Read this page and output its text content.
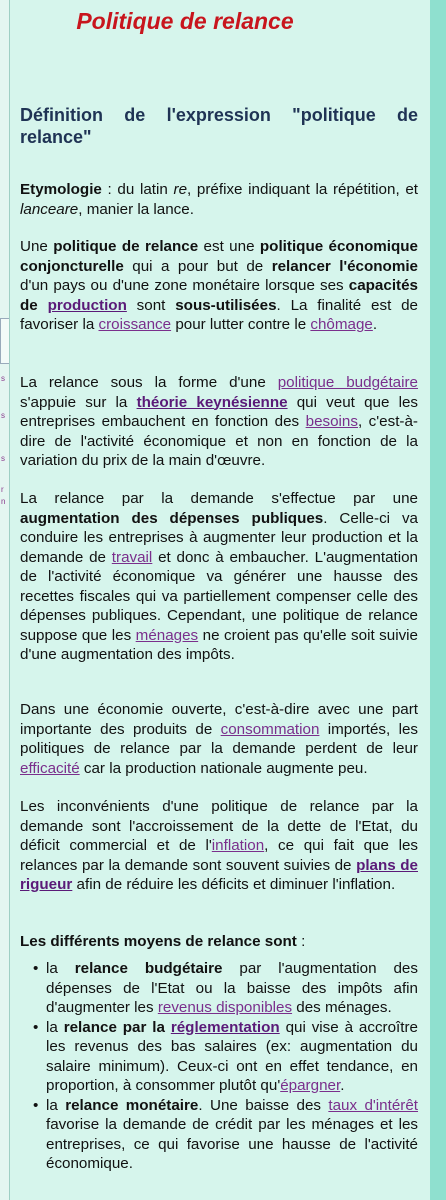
s
s
s
r
n
Politique de relance
Définition de l'expression "politique de relance"

Etymologie : du latin re, préfixe indiquant la répétition, et lanceare, manier la lance.

Une politique de relance est une politique économique conjoncturelle qui a pour but de relancer l'économie d'un pays ou d'une zone monétaire lorsque ses capacités de production sont sous-utilisées. La finalité est de favoriser la croissance pour lutter contre le chômage.

La relance sous la forme d'une politique budgétaire s'appuie sur la théorie keynésienne qui veut que les entreprises embauchent en fonction des besoins, c'est-à-dire de l'activité économique et non en fonction de la variation du prix de la main d'œuvre.

La relance par la demande s'effectue par une augmentation des dépenses publiques. Celle-ci va conduire les entreprises à augmenter leur production et la demande de travail et donc à embaucher. L'augmentation de l'activité économique va générer une hausse des recettes fiscales qui va partiellement compenser celle des dépenses publiques. Cependant, une politique de relance suppose que les ménages ne croient pas qu'elle soit suivie d'une augmentation des impôts.

Dans une économie ouverte, c'est-à-dire avec une part importante des produits de consommation importés, les politiques de relance par la demande perdent de leur efficacité car la production nationale augmente peu.

Les inconvénients d'une politique de relance par la demande sont l'accroissement de la dette de l'Etat, du déficit commercial et de l'inflation, ce qui fait que les relances par la demande sont souvent suivies de plans de rigueur afin de réduire les déficits et diminuer l'inflation.

Les différents moyens de relance sont :

• la relance budgétaire par l'augmentation des dépenses de l'Etat ou la baisse des impôts afin d'augmenter les revenus disponibles des ménages.
• la relance par la réglementation qui vise à accroître les revenus des bas salaires (ex: augmentation du salaire minimum). Ceux-ci ont en effet tendance, en proportion, à consommer plutôt qu'épargner.
• la relance monétaire. Une baisse des taux d'intérêt favorise la demande de crédit par les ménages et les entreprises, ce qui favorise une hausse de l'activité économique.
